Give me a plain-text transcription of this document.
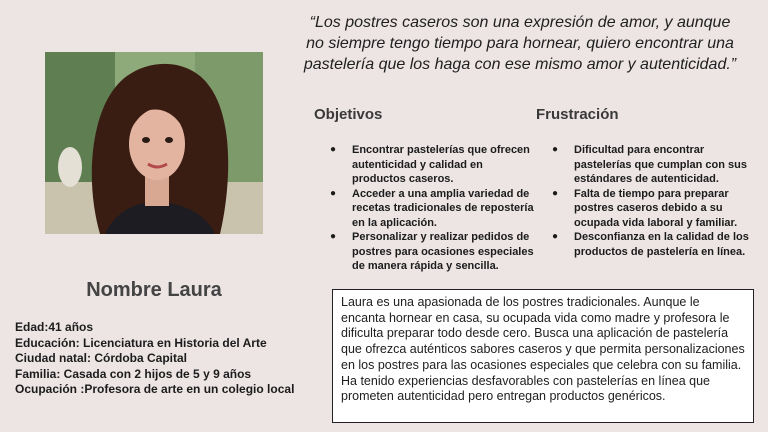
“Los postres caseros son una expresión de amor, y aunque no siempre tengo tiempo para hornear, quiero encontrar una pastelería que los haga con ese mismo amor y autenticidad.”
Objetivos	Frustración
● Encontrar pastelerías que ofrecen autenticidad y calidad en productos caseros.
● Acceder a una amplia variedad de recetas tradicionales de repostería en la aplicación.
● Personalizar y realizar pedidos de postres para ocasiones especiales de manera rápida y sencilla.
● Dificultad para encontrar pastelerías que cumplan con sus estándares de autenticidad.
● Falta de tiempo para preparar postres caseros debido a su ocupada vida laboral y familiar.
● Desconfianza en la calidad de los productos de pastelería en línea.
Nombre Laura
Edad:41 años
Educación: Licenciatura en Historia del Arte
Ciudad natal: Córdoba Capital
Familia: Casada con 2 hijos de 5 y 9 años
Ocupación :Profesora de arte en un colegio local
Laura es una apasionada de los postres tradicionales. Aunque le encanta hornear en casa, su ocupada vida como madre y profesora le dificulta preparar todo desde cero. Busca una aplicación de pastelería que ofrezca auténticos sabores caseros y que permita personalizaciones en los postres para las ocasiones especiales que celebra con su familia. Ha tenido experiencias desfavorables con pastelerías en línea que prometen autenticidad pero entregan productos genéricos.
